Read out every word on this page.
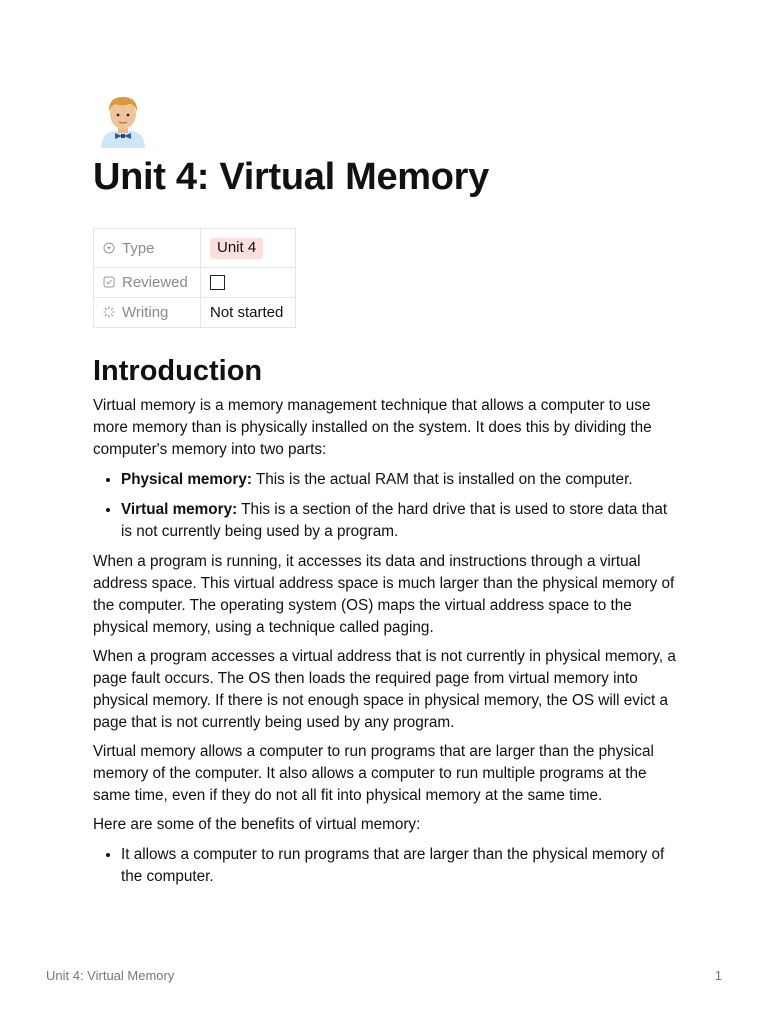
Unit 4: Virtual Memory
Type	Unit 4
Reviewed	
Writing	Not started
Introduction

Virtual memory is a memory management technique that allows a computer to use more memory than is physically installed on the system. It does this by dividing the computer's memory into two parts:

• Physical memory: This is the actual RAM that is installed on the computer.
• Virtual memory: This is a section of the hard drive that is used to store data that is not currently being used by a program.

When a program is running, it accesses its data and instructions through a virtual address space. This virtual address space is much larger than the physical memory of the computer. The operating system (OS) maps the virtual address space to the physical memory, using a technique called paging.

When a program accesses a virtual address that is not currently in physical memory, a page fault occurs. The OS then loads the required page from virtual memory into physical memory. If there is not enough space in physical memory, the OS will evict a page that is not currently being used by any program.

Virtual memory allows a computer to run programs that are larger than the physical memory of the computer. It also allows a computer to run multiple programs at the same time, even if they do not all fit into physical memory at the same time.

Here are some of the benefits of virtual memory:

• It allows a computer to run programs that are larger than the physical memory of the computer.
Unit 4: Virtual Memory	1
